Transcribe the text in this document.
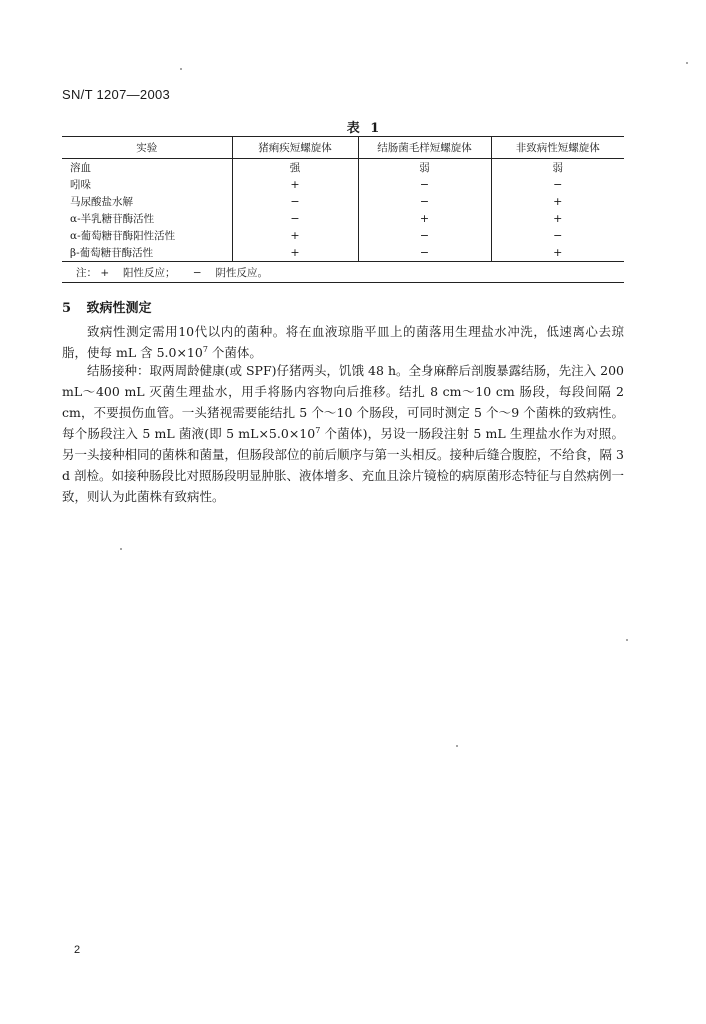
SN/T 1207—2003
表 1
实验	猪痢疾短螺旋体	结肠菌毛样短螺旋体	非致病性短螺旋体
溶血	强	弱	弱
吲哚	+	−	−
马尿酸盐水解	−	−	+
α-半乳糖苷酶活性	−	+	+
α-葡萄糖苷酶阳性活性	+	−	−
β-葡萄糖苷酶活性	+	−	+
注： + 　阳性反应； − 　阴性反应。			
5 致病性测定

致病性测定需用10代以内的菌种。将在血液琼脂平皿上的菌落用生理盐水冲洗，低速离心去琼脂，使每 mL 含 $5.0\times 10^7$ 个菌体。

结肠接种：取两周龄健康(或 SPF)仔猪两头，饥饿 48 h。全身麻醉后剖腹暴露结肠，先注入 200 mL～400 mL 灭菌生理盐水，用手将肠内容物向后推移。结扎 8 cm～10 cm 肠段，每段间隔 2 cm，不要损伤血管。一头猪视需要能结扎 5 个～10 个肠段，可同时测定 5 个～9 个菌株的致病性。每个肠段注入 5 mL 菌液(即 5 $mL\times 5.0\times 10^7$ 个菌体)，另设一肠段注射 5 mL 生理盐水作为对照。另一头接种相同的菌株和菌量，但肠段部位的前后顺序与第一头相反。接种后缝合腹腔，不给食，隔 3 d 剖检。如接种肠段比对照肠段明显肿胀、液体增多、充血且涂片镜检的病原菌形态特征与自然病例一致，则认为此菌株有致病性。

2
